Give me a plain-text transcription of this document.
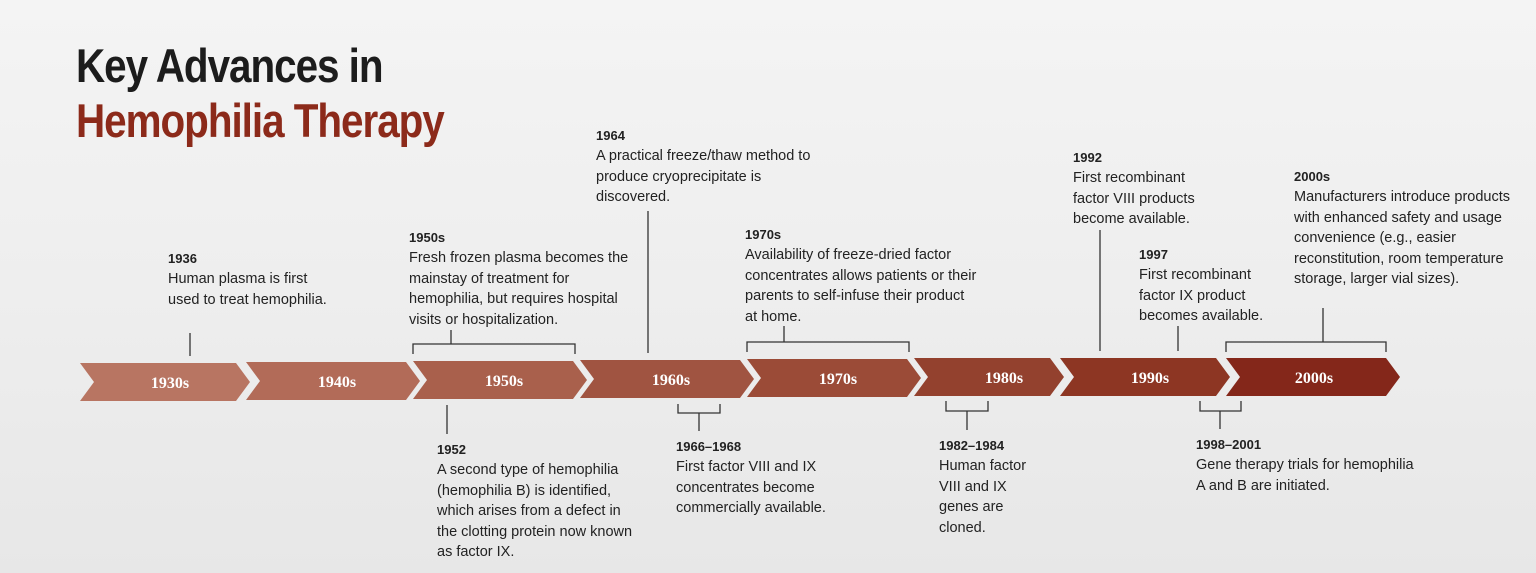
Key Advances in
Hemophilia Therapy
1930s	1940s	1950s	1960s	1970s	1980s	1990s	2000s
1936
Human plasma is first used to treat hemophilia.
1950s
Fresh frozen plasma becomes the mainstay of treatment for hemophilia, but requires hospital visits or hospitalization.
1964
A practical freeze/thaw method to produce cryoprecipitate is discovered.
1970s
Availability of freeze-dried factor concentrates allows patients or their parents to self-infuse their product at home.
1992
First recombinant factor VIII products become available.
1997
First recombinant factor IX product becomes available.
2000s
Manufacturers introduce products with enhanced safety and usage convenience (e.g., easier reconstitution, room temperature storage, larger vial sizes).
1952
A second type of hemophilia (hemophilia B) is identified, which arises from a defect in the clotting protein now known as factor IX.
1966–1968
First factor VIII and IX concentrates become commercially available.
1982–1984
Human factor VIII and IX genes are cloned.
1998–2001
Gene therapy trials for hemophilia A and B are initiated.
